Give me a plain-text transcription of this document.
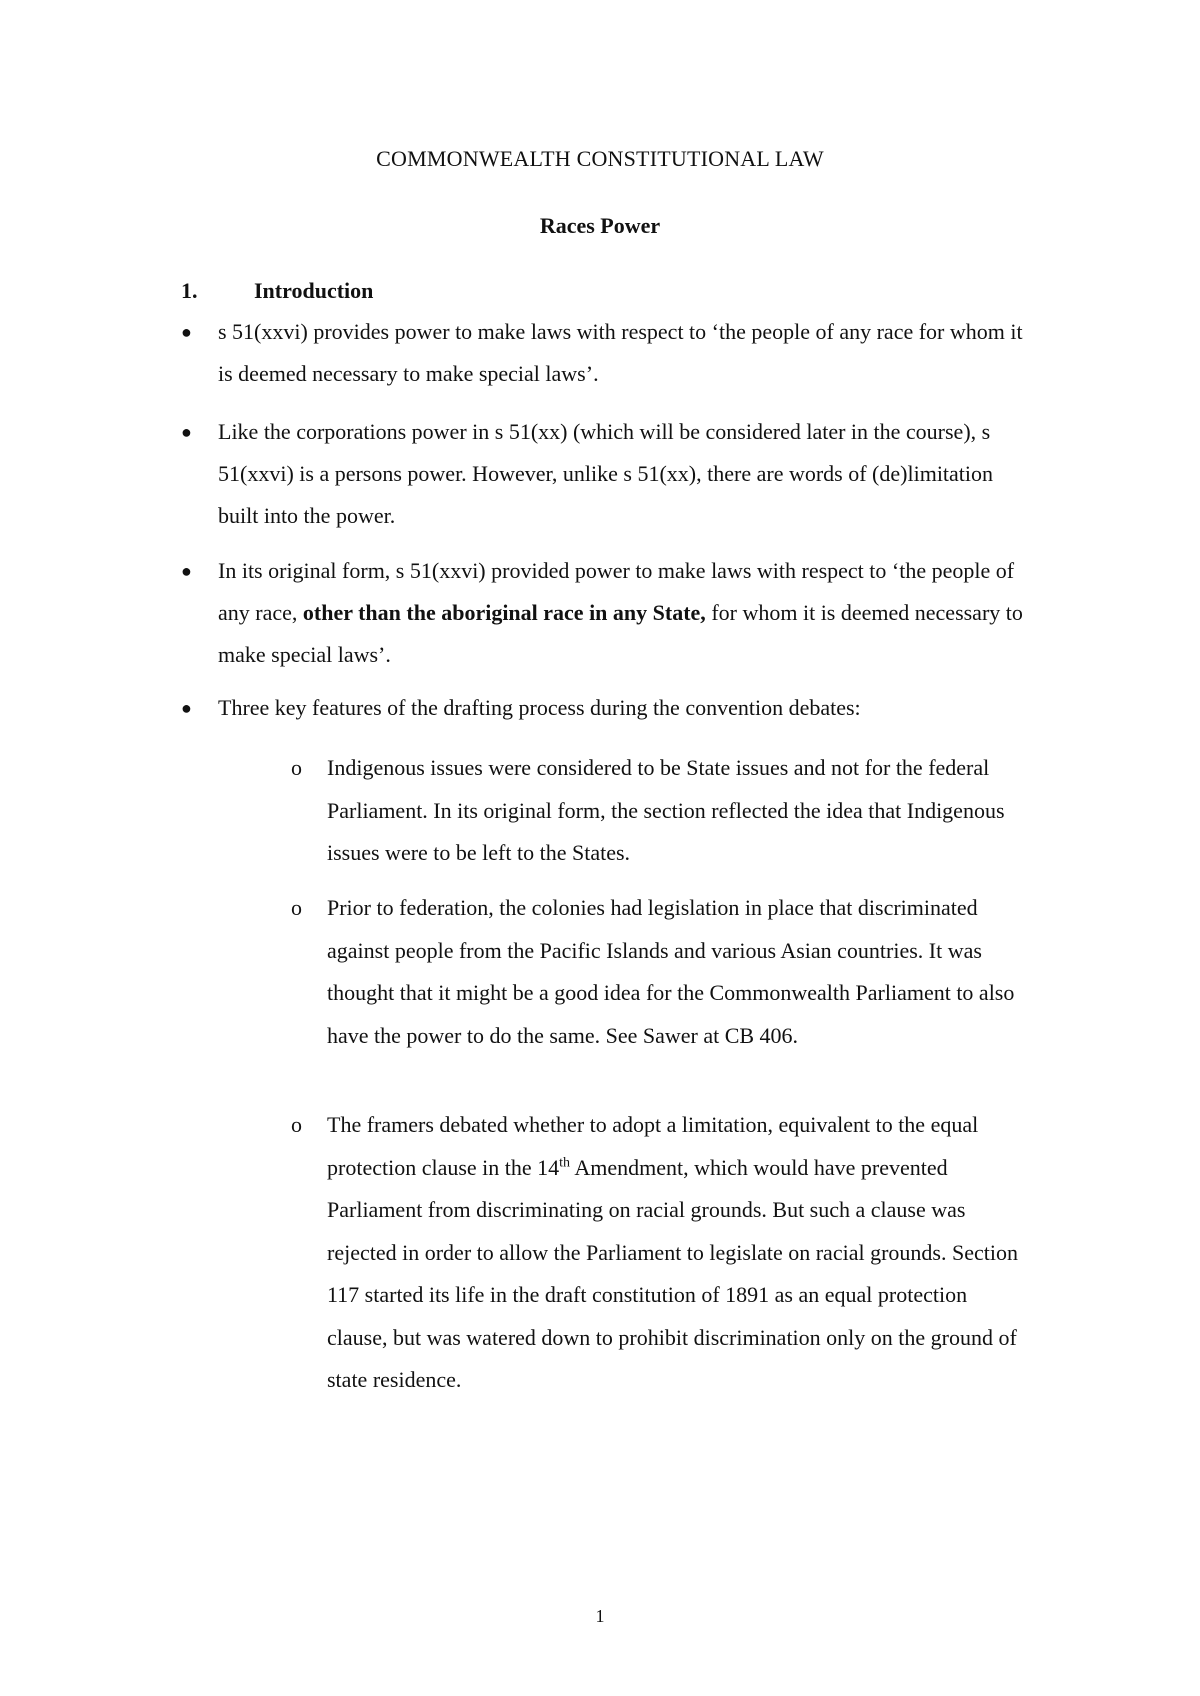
COMMONWEALTH CONSTITUTIONAL LAW
Races Power
1.	Introduction
●	s 51(xxvi) provides power to make laws with respect to ‘the people of any race for whom it is deemed necessary to make special laws’.
●	Like the corporations power in s 51(xx) (which will be considered later in the course), s 51(xxvi) is a persons power. However, unlike s 51(xx), there are words of (de)limitation built into the power.
●	In its original form, s 51(xxvi) provided power to make laws with respect to ‘the people of any race, other than the aboriginal race in any State, for whom it is deemed necessary to make special laws’.
●	Three key features of the drafting process during the convention debates:
o	Indigenous issues were considered to be State issues and not for the federal Parliament. In its original form, the section reflected the idea that Indigenous issues were to be left to the States.
o	Prior to federation, the colonies had legislation in place that discriminated against people from the Pacific Islands and various Asian countries. It was thought that it might be a good idea for the Commonwealth Parliament to also have the power to do the same. See Sawer at CB 406.
o	The framers debated whether to adopt a limitation, equivalent to the equal protection clause in the 14th Amendment, which would have prevented Parliament from discriminating on racial grounds. But such a clause was rejected in order to allow the Parliament to legislate on racial grounds. Section 117 started its life in the draft constitution of 1891 as an equal protection clause, but was watered down to prohibit discrimination only on the ground of state residence.
1
